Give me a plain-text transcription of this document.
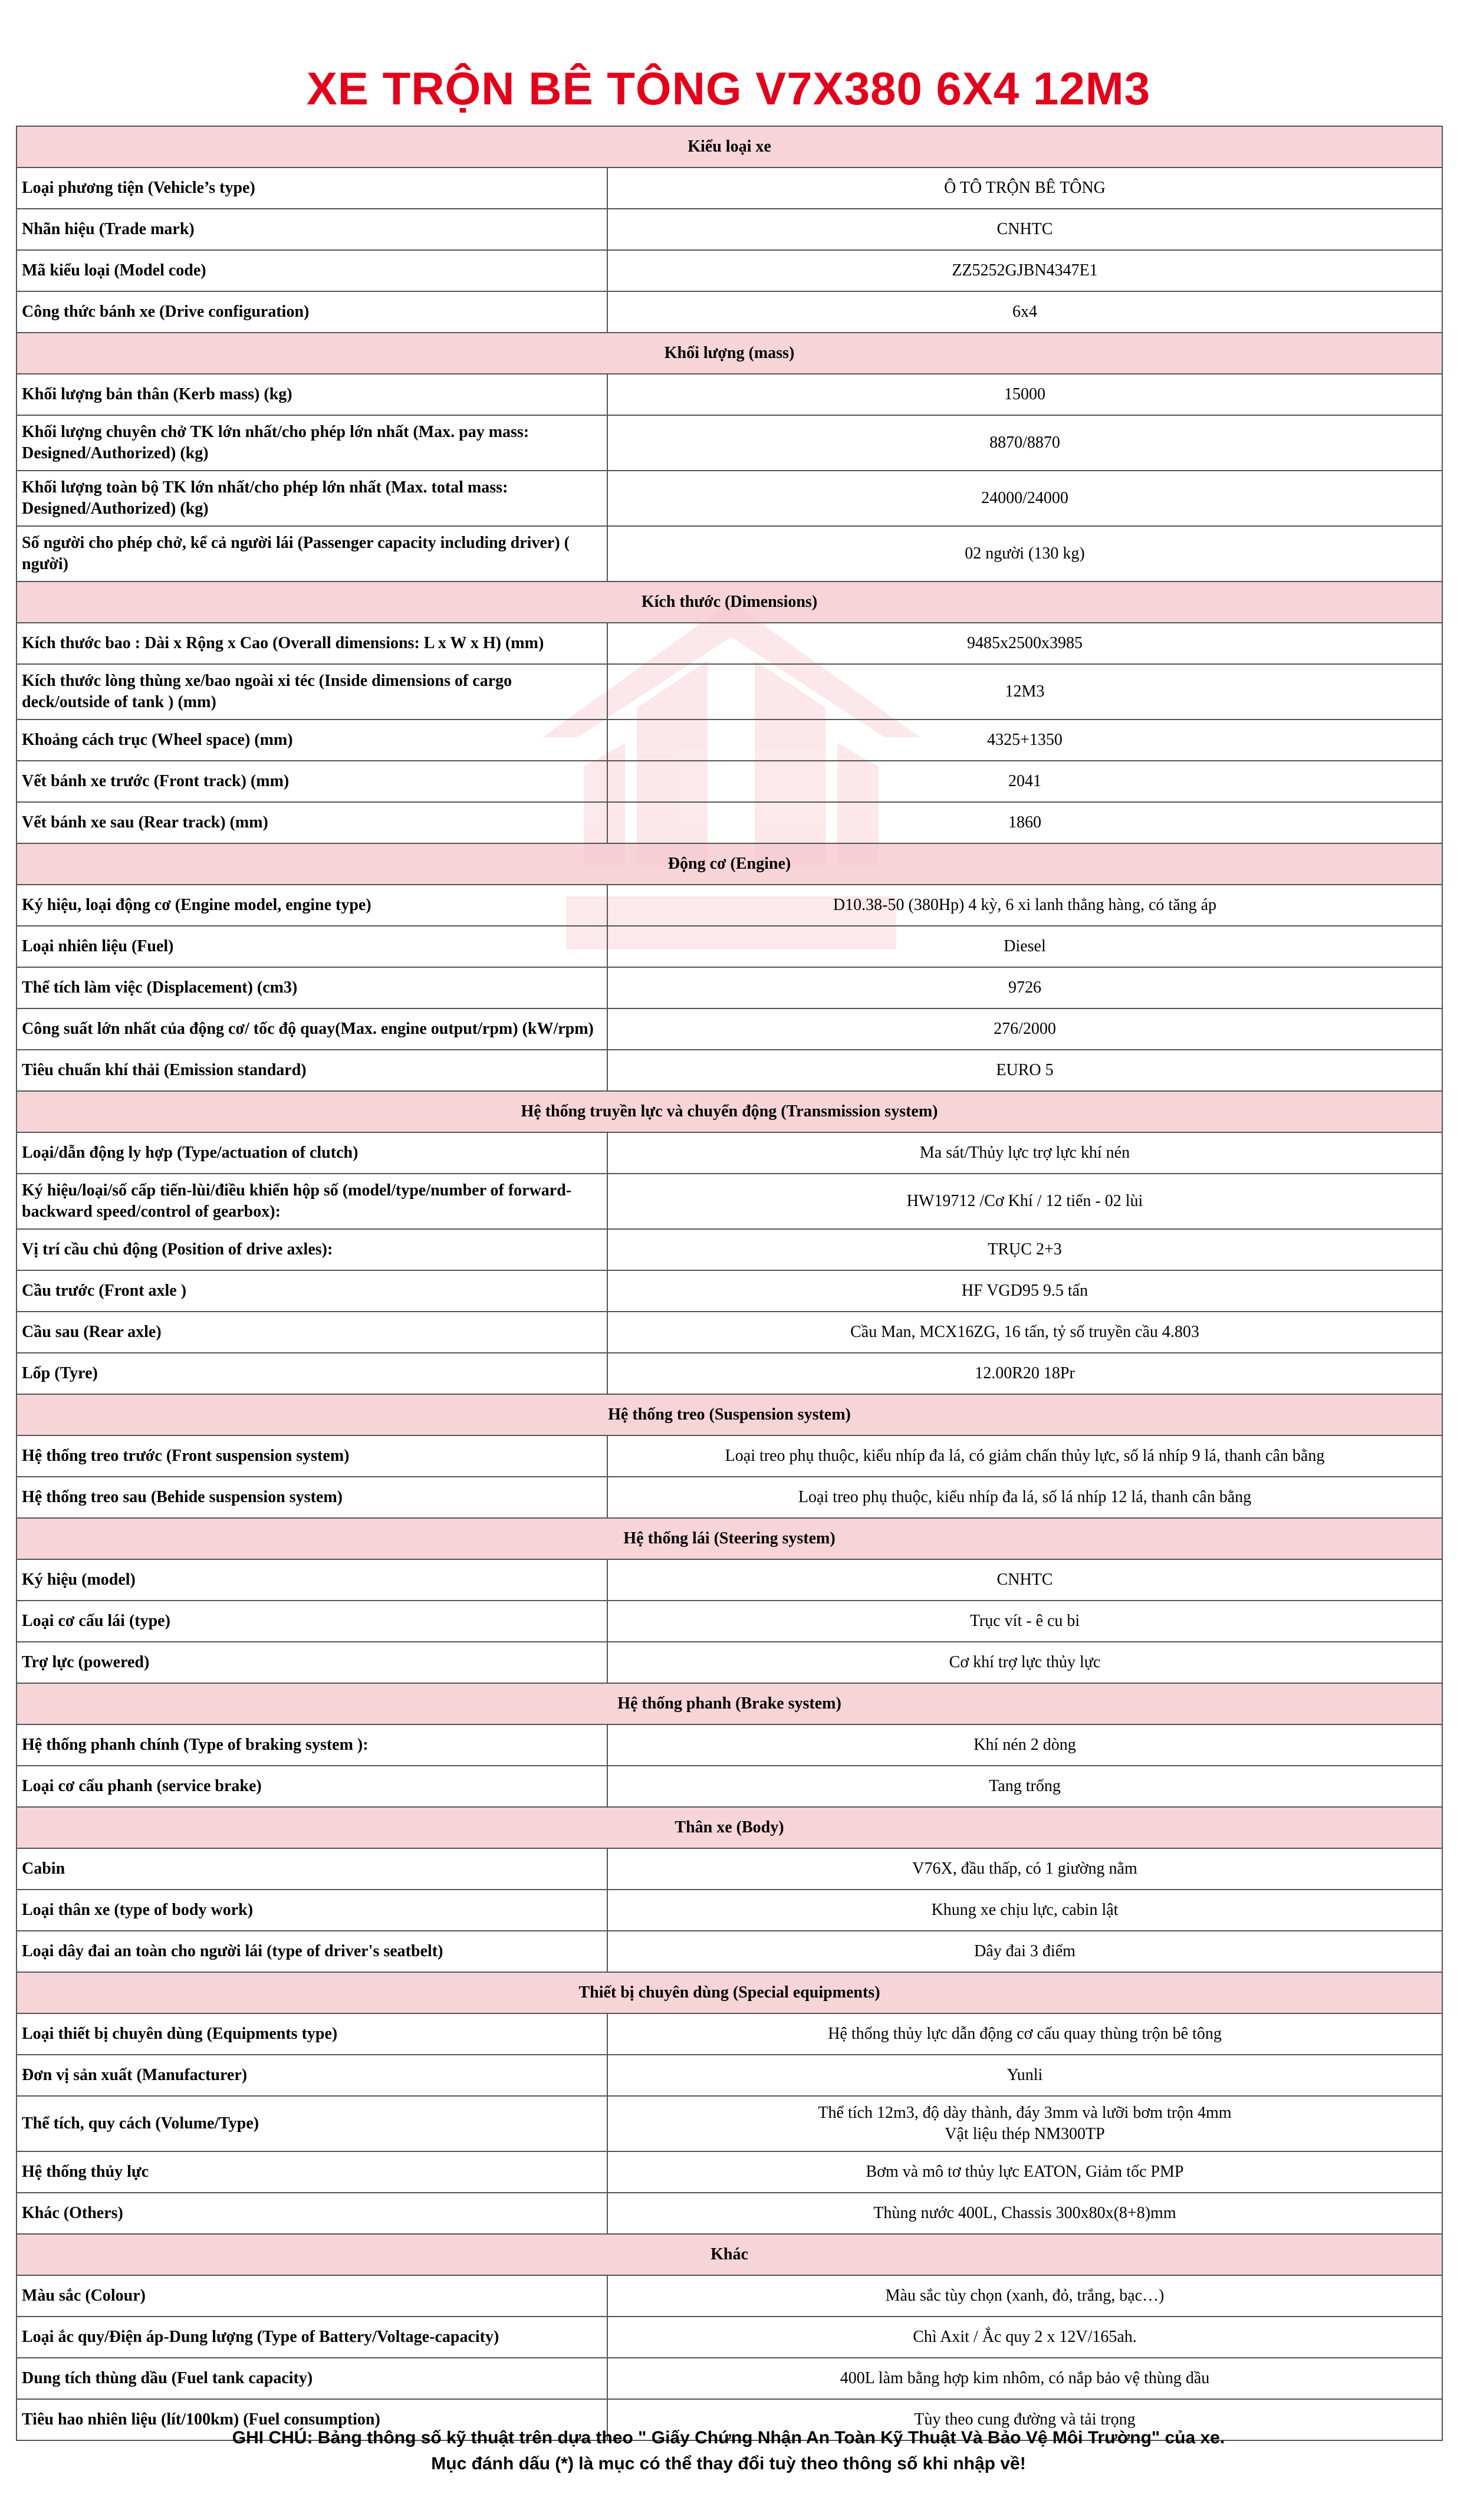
XE TRỘN BÊ TÔNG V7X380 6X4 12M3
Kiểu loại xe	
Loại phương tiện (Vehicle’s type)	Ô TÔ TRỘN BÊ TÔNG
Nhãn hiệu (Trade mark)	CNHTC
Mã kiểu loại (Model code)	ZZ5252GJBN4347E1
Công thức bánh xe (Drive configuration)	6x4
Khối lượng (mass)	
Khối lượng bản thân (Kerb mass) (kg)	15000
Khối lượng chuyên chở TK lớn nhất/cho phép lớn nhất (Max. pay mass: Designed/Authorized) (kg)	8870/8870
Khối lượng toàn bộ TK lớn nhất/cho phép lớn nhất (Max. total mass: Designed/Authorized) (kg)	24000/24000
Số người cho phép chở, kể cả người lái (Passenger capacity including driver) ( người)	02 người (130 kg)
Kích thước (Dimensions)	
Kích thước bao : Dài x Rộng x Cao (Overall dimensions: L x W x H) (mm)	9485x2500x3985
Kích thước lòng thùng xe/bao ngoài xi téc (Inside dimensions of cargo deck/outside of tank ) (mm)	12M3
Khoảng cách trục (Wheel space) (mm)	4325+1350
Vết bánh xe trước (Front track) (mm)	2041
Vết bánh xe sau (Rear track) (mm)	1860
Động cơ (Engine)	
Ký hiệu, loại động cơ (Engine model, engine type)	D10.38-50 (380Hp) 4 kỳ, 6 xi lanh thẳng hàng, có tăng áp
Loại nhiên liệu (Fuel)	Diesel
Thể tích làm việc (Displacement) (cm3)	9726
Công suất lớn nhất của động cơ/ tốc độ quay(Max. engine output/rpm) (kW/rpm)	276/2000
Tiêu chuẩn khí thải (Emission standard)	EURO 5
Hệ thống truyền lực và chuyển động (Transmission system)	
Loại/dẫn động ly hợp (Type/actuation of clutch)	Ma sát/Thủy lực trợ lực khí nén
Ký hiệu/loại/số cấp tiến-lùi/điều khiển hộp số (model/type/number of forward-backward speed/control of gearbox):	HW19712 /Cơ Khí / 12 tiến - 02 lùi
Vị trí cầu chủ động (Position of drive axles):	TRỤC 2+3
Cầu trước (Front axle )	HF VGD95 9.5 tấn
Cầu sau (Rear axle)	Cầu Man, MCX16ZG, 16 tấn, tỷ số truyền cầu 4.803
Lốp (Tyre)	12.00R20 18Pr
Hệ thống treo (Suspension system)	
Hệ thống treo trước (Front suspension system)	Loại treo phụ thuộc, kiểu nhíp đa lá, có giảm chấn thủy lực, số lá nhíp 9 lá, thanh cân bằng
Hệ thống treo sau (Behide suspension system)	Loại treo phụ thuộc, kiểu nhíp đa lá, số lá nhíp 12 lá, thanh cân bằng
Hệ thống lái (Steering system)	
Ký hiệu (model)	CNHTC
Loại cơ cấu lái (type)	Trục vít - ê cu bi
Trợ lực (powered)	Cơ khí trợ lực thủy lực
Hệ thống phanh (Brake system)	
Hệ thống phanh chính (Type of braking system ):	Khí nén 2 dòng
Loại cơ cấu phanh (service brake)	Tang trống
Thân xe (Body)	
Cabin	V76X, đầu thấp, có 1 giường nằm
Loại thân xe (type of body work)	Khung xe chịu lực, cabin lật
Loại dây đai an toàn cho người lái (type of driver's seatbelt)	Dây đai 3 điểm
Thiết bị chuyên dùng (Special equipments)	
Loại thiết bị chuyên dùng (Equipments type)	Hệ thống thủy lực dẫn động cơ cấu quay thùng trộn bê tông
Đơn vị sản xuất (Manufacturer)	Yunli
Thể tích, quy cách (Volume/Type)	Thể tích 12m3, độ dày thành, đáy 3mm và lưỡi bơm trộn 4mm
Vật liệu thép NM300TP

Hệ thống thủy lực	Bơm và mô tơ thủy lực EATON, Giảm tốc PMP
Khác (Others)	Thùng nước 400L, Chassis 300x80x(8+8)mm
Khác	
Màu sắc (Colour)	Màu sắc tùy chọn (xanh, đỏ, trắng, bạc…)
Loại ắc quy/Điện áp-Dung lượng (Type of Battery/Voltage-capacity)	Chì Axit / Ắc quy 2 x 12V/165ah.
Dung tích thùng dầu (Fuel tank capacity)	400L làm bằng hợp kim nhôm, có nắp bảo vệ thùng dầu
Tiêu hao nhiên liệu (lít/100km) (Fuel consumption)	Tùy theo cung đường và tải trọng
GHI CHÚ: Bảng thông số kỹ thuật trên dựa theo " Giấy Chứng Nhận An Toàn Kỹ Thuật Và Bảo Vệ Môi Trường" của xe.
Mục đánh dấu (*) là mục có thể thay đổi tuỳ theo thông số khi nhập về!
